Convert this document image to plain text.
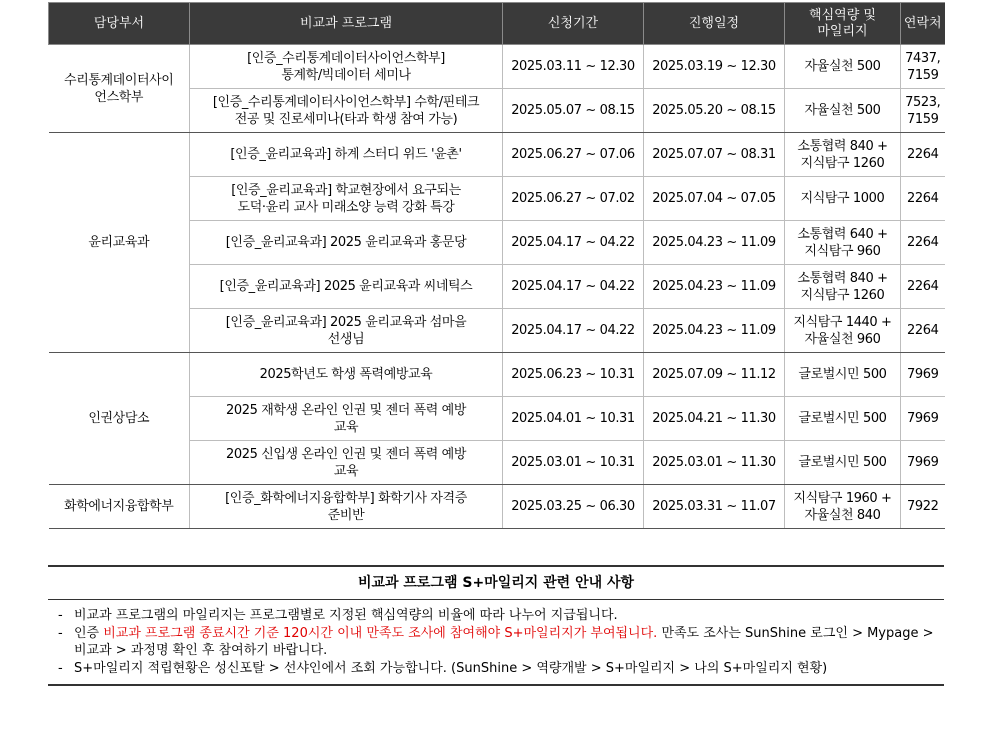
담당부서	비교과 프로그램	신청기간	진행일정	핵심역량 및
마일리지	연락처
수리통계데이터사이
언스학부	[인증_수리통계데이터사이언스학부]
통계학/빅데이터 세미나	2025.03.11 ~ 12.30	2025.03.19 ~ 12.30	자율실천 500	7437,
7159
	[인증_수리통계데이터사이언스학부] 수학/핀테크
전공 및 진로세미나(타과 학생 참여 가능)	2025.05.07 ~ 08.15	2025.05.20 ~ 08.15	자율실천 500	7523,
7159
윤리교육과	[인증_윤리교육과] 하계 스터디 위드 '윤촌'	2025.06.27 ~ 07.06	2025.07.07 ~ 08.31	소통협력 840 +
지식탐구 1260	2264
	[인증_윤리교육과] 학교현장에서 요구되는
도덕·윤리 교사 미래소양 능력 강화 특강	2025.06.27 ~ 07.02	2025.07.04 ~ 07.05	지식탐구 1000	2264
	[인증_윤리교육과] 2025 윤리교육과 홍문당	2025.04.17 ~ 04.22	2025.04.23 ~ 11.09	소통협력 640 +
지식탐구 960	2264
	[인증_윤리교육과] 2025 윤리교육과 씨네틱스	2025.04.17 ~ 04.22	2025.04.23 ~ 11.09	소통협력 840 +
지식탐구 1260	2264
	[인증_윤리교육과] 2025 윤리교육과 섬마을
선생님	2025.04.17 ~ 04.22	2025.04.23 ~ 11.09	지식탐구 1440 +
자율실천 960	2264
인권상담소	2025학년도 학생 폭력예방교육	2025.06.23 ~ 10.31	2025.07.09 ~ 11.12	글로벌시민 500	7969
	2025 재학생 온라인 인권 및 젠더 폭력 예방
교육	2025.04.01 ~ 10.31	2025.04.21 ~ 11.30	글로벌시민 500	7969
	2025 신입생 온라인 인권 및 젠더 폭력 예방
교육	2025.03.01 ~ 10.31	2025.03.01 ~ 11.30	글로벌시민 500	7969
화학에너지융합학부	[인증_화학에너지융합학부] 화학기사 자격증
준비반	2025.03.25 ~ 06.30	2025.03.31 ~ 11.07	지식탐구 1960 +
자율실천 840	7922
비교과 프로그램 S+마일리지 관련 안내 사항
- 비교과 프로그램의 마일리지는 프로그램별로 지정된 핵심역량의 비율에 따라 나누어 지급됩니다.
- 인증 비교과 프로그램 종료시간 기준 120시간 이내 만족도 조사에 참여해야 S+마일리지가 부여됩니다. 만족도 조사는 SunShine 로그인 > Mypage > 비교과 > 과정명 확인 후 참여하기 바랍니다.
- S+마일리지 적립현황은 성신포탈 > 선샤인에서 조회 가능합니다. (SunShine > 역량개발 > S+마일리지 > 나의 S+마일리지 현황)
